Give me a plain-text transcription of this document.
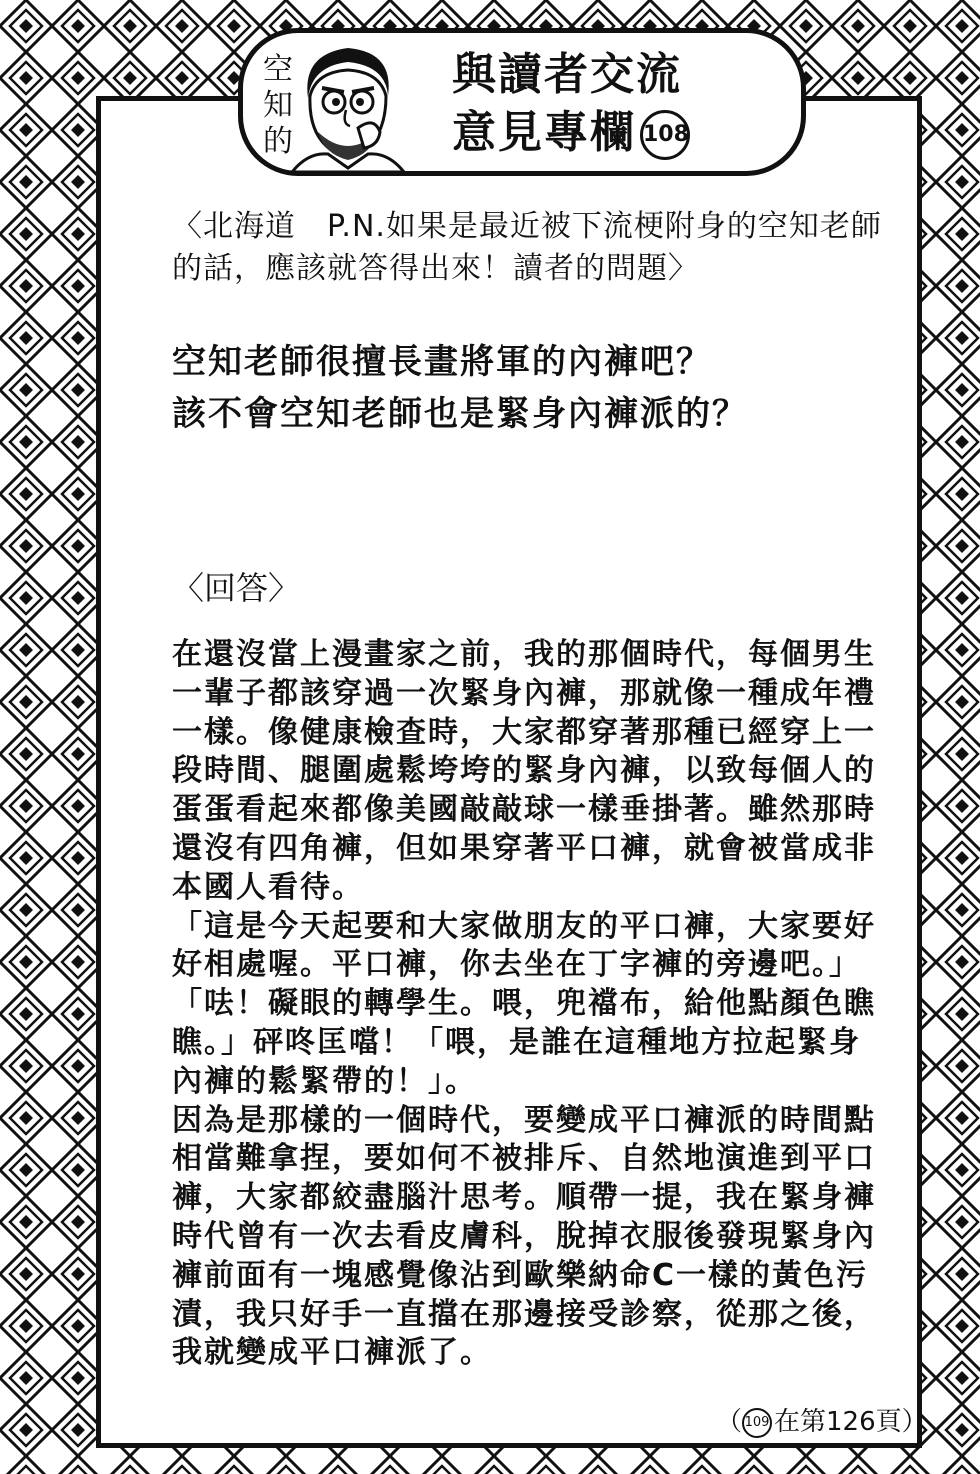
空
知
的
與讀者交流
意見專欄 108
〈北海道　P.N.如果是最近被下流梗附身的空知老師的話，應該就答得出來！讀者的問題〉
空知老師很擅長畫將軍的內褲吧？
該不會空知老師也是緊身內褲派的？
〈回答〉

在還沒當上漫畫家之前，我的那個時代，每個男生一輩子都該穿過一次緊身內褲，那就像一種成年禮一樣。像健康檢查時，大家都穿著那種已經穿上一段時間、腿圍處鬆垮垮的緊身內褲，以致每個人的蛋蛋看起來都像美國敲敲球一樣垂掛著。雖然那時還沒有四角褲，但如果穿著平口褲，就會被當成非本國人看待。

「這是今天起要和大家做朋友的平口褲，大家要好好相處喔。平口褲，你去坐在丁字褲的旁邊吧。」「呿！礙眼的轉學生。喂，兜襠布，給他點顏色瞧瞧。」砰咚匡噹！「喂，是誰在這種地方拉起緊身內褲的鬆緊帶的！」。

因為是那樣的一個時代，要變成平口褲派的時間點相當難拿捏，要如何不被排斥、自然地演進到平口褲，大家都絞盡腦汁思考。順帶一提，我在緊身褲時代曾有一次去看皮膚科，脫掉衣服後發現緊身內褲前面有一塊感覺像沾到歐樂納命C一樣的黃色污漬，我只好手一直擋在那邊接受診察，從那之後，我就變成平口褲派了。

（ 109 在第126頁）
